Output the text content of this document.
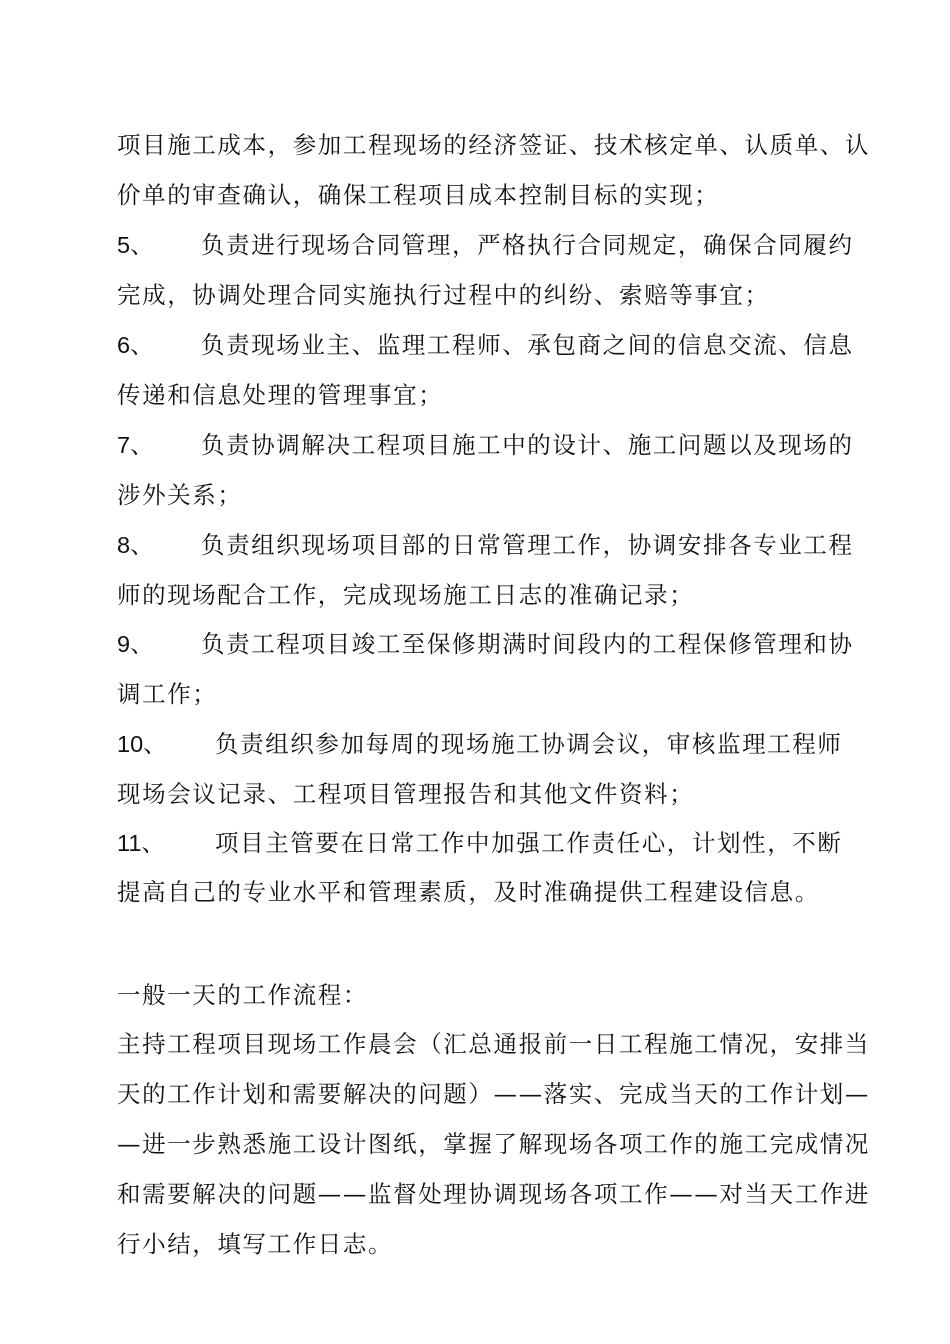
项目施工成本，参加工程现场的经济签证、技术核定单、认质单、认
价单的审查确认，确保工程项目成本控制目标的实现；
5、 负责进行现场合同管理，严格执行合同规定，确保合同履约
完成，协调处理合同实施执行过程中的纠纷、索赔等事宜；
6、 负责现场业主、监理工程师、承包商之间的信息交流、信息
传递和信息处理的管理事宜；
7、 负责协调解决工程项目施工中的设计、施工问题以及现场的
涉外关系；
8、 负责组织现场项目部的日常管理工作，协调安排各专业工程
师的现场配合工作，完成现场施工日志的准确记录；
9、 负责工程项目竣工至保修期满时间段内的工程保修管理和协
调工作；
10、 负责组织参加每周的现场施工协调会议，审核监理工程师
现场会议记录、工程项目管理报告和其他文件资料；
11、 项目主管要在日常工作中加强工作责任心，计划性，不断
提高自己的专业水平和管理素质，及时准确提供工程建设信息。
一般一天的工作流程：
主持工程项目现场工作晨会（汇总通报前一日工程施工情况，安排当
天的工作计划和需要解决的问题）——落实、完成当天的工作计划—
—进一步熟悉施工设计图纸，掌握了解现场各项工作的施工完成情况
和需要解决的问题——监督处理协调现场各项工作——对当天工作进
行小结，填写工作日志。
